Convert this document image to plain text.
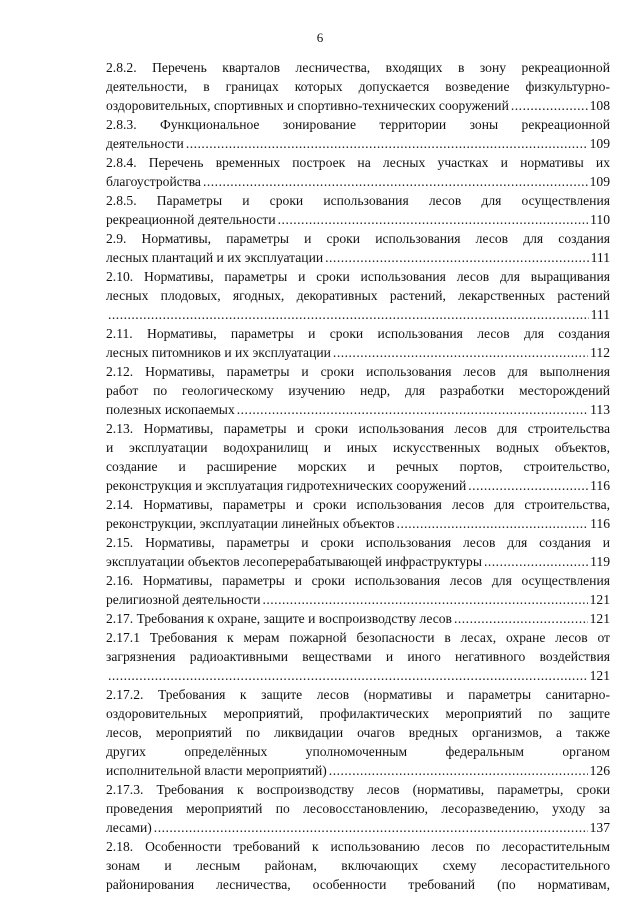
6
2.8.2. Перечень кварталов лесничества, входящих в зону рекреационной
деятельности, в границах которых допускается возведение физкультурно-
оздоровительных, спортивных и спортивно-технических сооружений .....	108
2.8.3. Функциональное зонирование территории зоны рекреационной
деятельности .....	109
2.8.4. Перечень временных построек на лесных участках и нормативы их
благоустройства .....	109
2.8.5. Параметры и сроки использования лесов для осуществления
рекреационной деятельности .....	110
2.9. Нормативы, параметры и сроки использования лесов для создания
лесных плантаций и их эксплуатации .....	111
2.10. Нормативы, параметры и сроки использования лесов для выращивания
лесных плодовых, ягодных, декоративных растений, лекарственных растений
.....
111
2.11. Нормативы, параметры и сроки использования лесов для создания
лесных питомников и их эксплуатации .....	112
2.12. Нормативы, параметры и сроки использования лесов для выполнения
работ по геологическому изучению недр, для разработки месторождений
полезных ископаемых .....	113
2.13. Нормативы, параметры и сроки использования лесов для строительства
и эксплуатации водохранилищ и иных искусственных водных объектов,
создание и расширение морских и речных портов, строительство,
реконструкция и эксплуатация гидротехнических сооружений .....	116
2.14. Нормативы, параметры и сроки использования лесов для строительства,
реконструкции, эксплуатации линейных объектов .....	116
2.15. Нормативы, параметры и сроки использования лесов для создания и
эксплуатации объектов лесоперерабатывающей инфраструктуры .....	119
2.16. Нормативы, параметры и сроки использования лесов для осуществления
религиозной деятельности .....	121
2.17. Требования к охране, защите и воспроизводству лесов .....	121
2.17.1 Требования к мерам пожарной безопасности в лесах, охране лесов от
загрязнения радиоактивными веществами и иного негативного воздействия
.....
121
2.17.2. Требования к защите лесов (нормативы и параметры санитарно-
оздоровительных мероприятий, профилактических мероприятий по защите
лесов, мероприятий по ликвидации очагов вредных организмов, а также
других определённых уполномоченным федеральным органом
исполнительной власти мероприятий) .....	126
2.17.3. Требования к воспроизводству лесов (нормативы, параметры, сроки
проведения мероприятий по лесовосстановлению, лесоразведению, уходу за
лесами) .....	137
2.18. Особенности требований к использованию лесов по лесорастительным
зонам и лесным районам, включающих схему лесорастительного
районирования лесничества, особенности требований (по нормативам,
